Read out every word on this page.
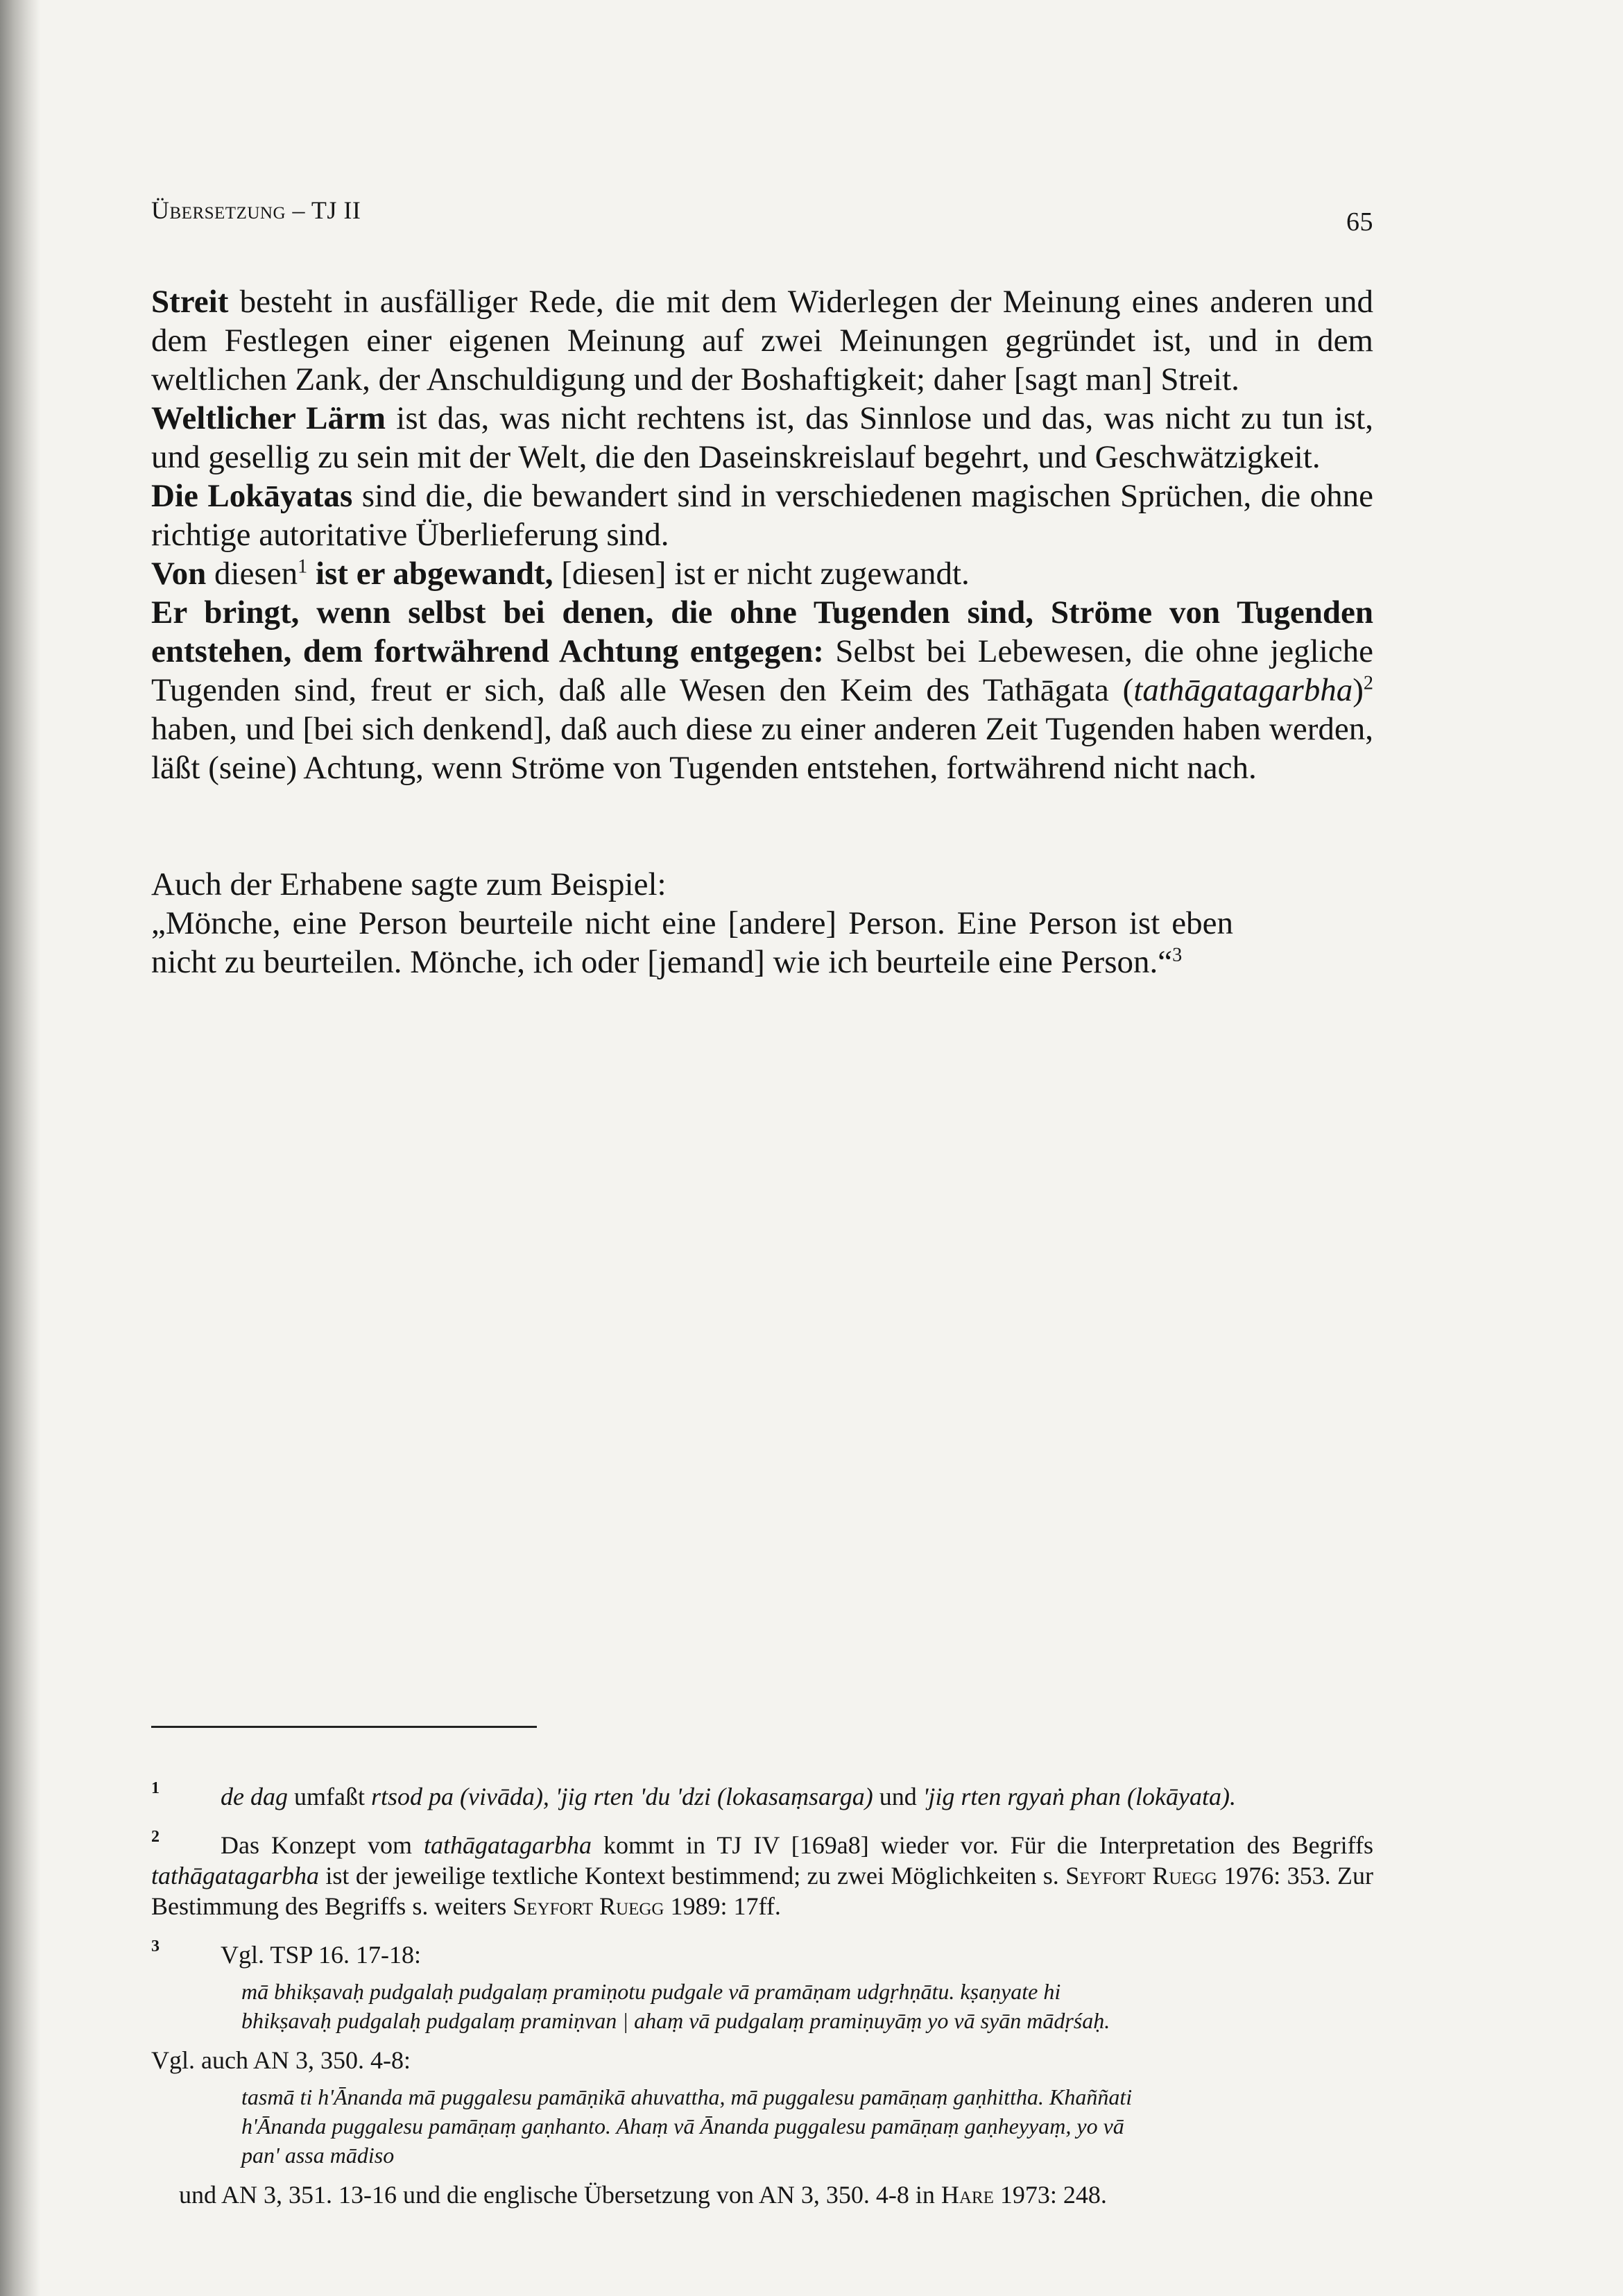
Übersetzung – TJ II	65

Streit besteht in ausfälliger Rede, die mit dem Widerlegen der Meinung eines anderen und dem Festlegen einer eigenen Meinung auf zwei Meinungen gegründet ist, und in dem weltlichen Zank, der Anschuldigung und der Boshaftigkeit; daher [sagt man] Streit.

Weltlicher Lärm ist das, was nicht rechtens ist, das Sinnlose und das, was nicht zu tun ist, und gesellig zu sein mit der Welt, die den Daseinskreislauf begehrt, und Geschwätzigkeit.

Die Lokāyatas sind die, die bewandert sind in verschiedenen magischen Sprüchen, die ohne richtige autoritative Überlieferung sind.

Von diesen$^1$ ist er abgewandt, [diesen] ist er nicht zugewandt.

Er bringt, wenn selbst bei denen, die ohne Tugenden sind, Ströme von Tugenden entstehen, dem fortwährend Achtung entgegen: Selbst bei Lebewesen, die ohne jegliche Tugenden sind, freut er sich, daß alle Wesen den Keim des Tathāgata (tathāgatagarbha)$^2$ haben, und [bei sich denkend], daß auch diese zu einer anderen Zeit Tugenden haben werden, läßt (seine) Achtung, wenn Ströme von Tugenden entstehen, fortwährend nicht nach.

Auch der Erhabene sagte zum Beispiel:

„Mönche, eine Person beurteile nicht eine [andere] Person. Eine Person ist eben nicht zu beurteilen. Mönche, ich oder [jemand] wie ich beurteile eine Person.“$^3$

1	de dag umfaßt rtsod pa (vivāda), 'jig rten 'du 'dzi (lokasaṃsarga) und 'jig rten rgyaṅ phan (lokāyata).
2	Das Konzept vom tathāgatagarbha kommt in TJ IV [169a8] wieder vor. Für die Interpretation des Begriffs tathāgatagarbha ist der jeweilige textliche Kontext bestimmend; zu zwei Möglichkeiten s. Seyfort Ruegg 1976: 353. Zur Bestimmung des Begriffs s. weiters Seyfort Ruegg 1989: 17ff.
3	Vgl. TSP 16. 17-18:

mā bhikṣavaḥ pudgalaḥ pudgalaṃ pramiṇotu pudgale vā pramāṇam udgṛhṇātu. kṣaṇyate hi

bhikṣavaḥ pudgalaḥ pudgalaṃ pramiṇvan | ahaṃ vā pudgalaṃ pramiṇuyāṃ yo vā syān mādṛśaḥ.

Vgl. auch AN 3, 350. 4-8:

tasmā ti h'Ānanda mā puggalesu pamāṇikā ahuvattha, mā puggalesu pamāṇaṃ gaṇhittha. Khaññati

h'Ānanda puggalesu pamāṇaṃ gaṇhanto. Ahaṃ vā Ānanda puggalesu pamāṇaṃ gaṇheyyaṃ, yo vā

pan' assa mādiso

und AN 3, 351. 13-16 und die englische Übersetzung von AN 3, 350. 4-8 in Hare 1973: 248.
